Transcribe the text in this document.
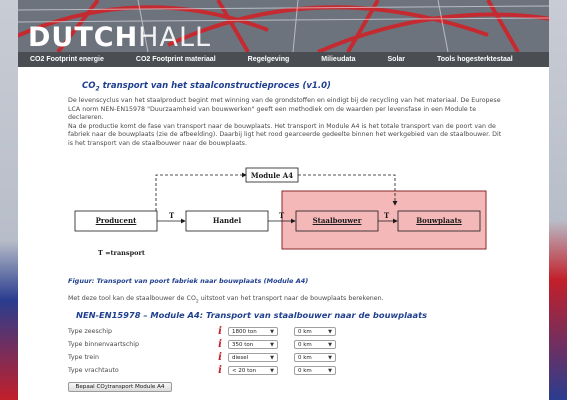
DUTCHHALL
CO2 Footprint energie	CO2 Footprint materiaal	Regelgeving	Milieudata	Solar	Tools hogesterktestaal
$CO_2$ transport van het staalconstructieproces (v1.0)

De levenscyclus van het staalproduct begint met winning van de grondstoffen en eindigt bij de recycling van het materiaal. De Europese LCA norm NEN-EN15978 "Duurzaamheid van bouwwerken" geeft een methodiek om de waarden per levensfase in een Module te declareren.

Na de productie komt de fase van transport naar de bouwplaats. Het transport in Module A4 is het totale transport van de poort van de fabriek naar de bouwplaats (zie de afbeelding). Daarbij ligt het rood gearceerde gedeelte binnen het werkgebied van de staalbouwer. Dit is het transport van de staalbouwer naar de bouwplaats.

Module A4
Producent	Handel	Staalbouwer	Bouwplaats
T	T	T
T =transport
Figuur: Transport van poort fabriek naar bouwplaats (Module A4)
Met deze tool kan de staalbouwer de $CO_2$ uitstoot van het transport naar de bouwplaats berekenen.
NEN-EN15978 – Module A4: Transport van staalbouwer naar de bouwplaats
Type zeeschip	i	1800 ton	▼	0 km	▼
Type binnenvaartschip	i	350 ton	▼	0 km	▼
Type trein	i	diesel	▼	0 km	▼
Type vrachtauto	i	< 20 ton	▼	0 km	▼
Bepaal CO 2 transport Module A4
